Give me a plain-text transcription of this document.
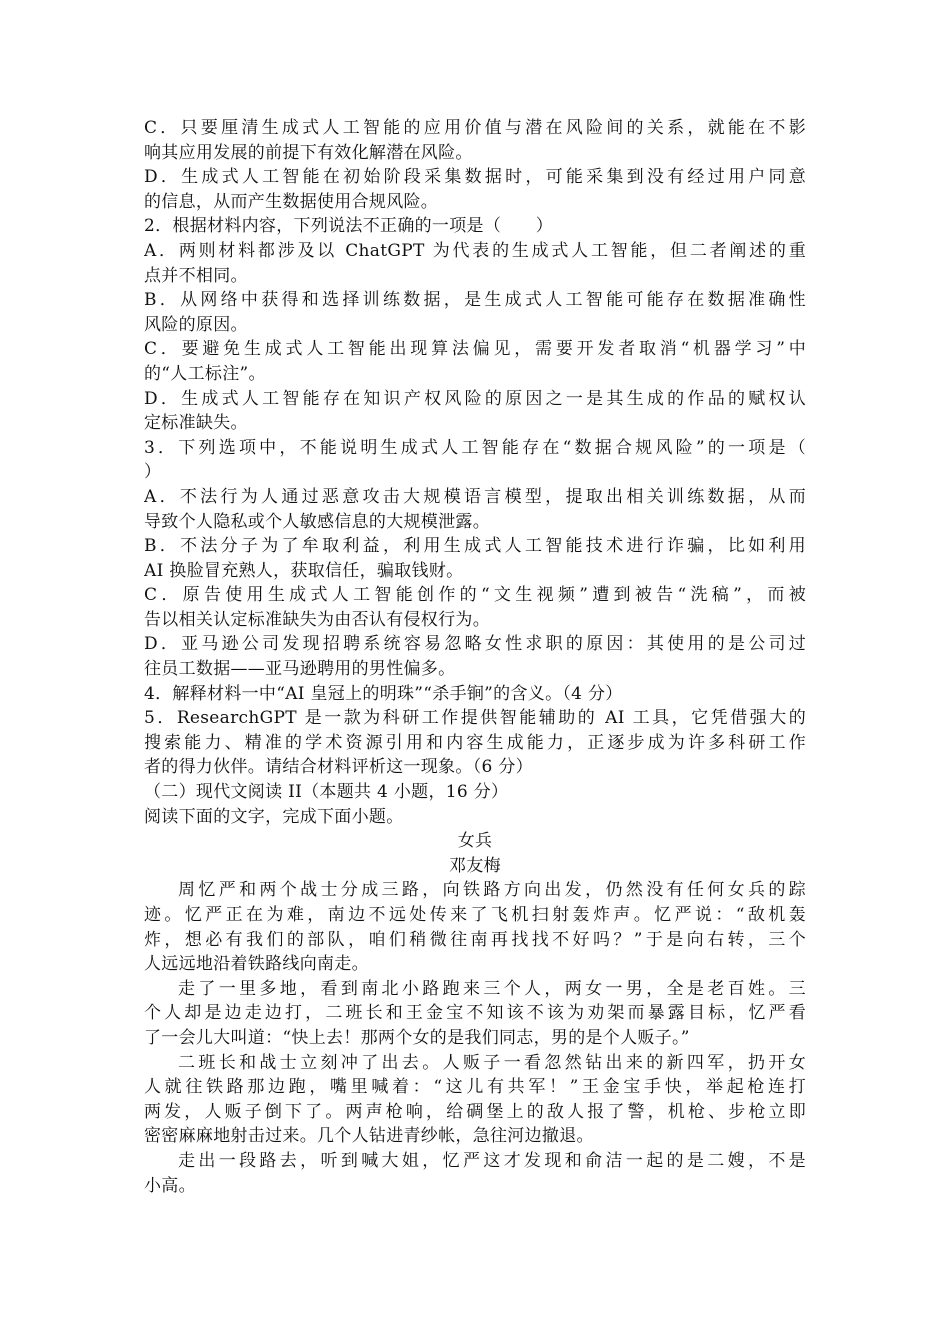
C．只要厘清生成式人工智能的应用价值与潜在风险间的关系，就能在不影
响其应用发展的前提下有效化解潜在风险。
D．生成式人工智能在初始阶段采集数据时，可能采集到没有经过用户同意
的信息，从而产生数据使用合规风险。
2．根据材料内容，下列说法不正确的一项是（　　）
A．两则材料都涉及以 ChatGPT 为代表的生成式人工智能，但二者阐述的重
点并不相同。
B．从网络中获得和选择训练数据，是生成式人工智能可能存在数据准确性
风险的原因。
C．要避免生成式人工智能出现算法偏见，需要开发者取消“机器学习”中
的“人工标注”。
D．生成式人工智能存在知识产权风险的原因之一是其生成的作品的赋权认
定标准缺失。
3．下列选项中，不能说明生成式人工智能存在“数据合规风险”的一项是（
）
A．不法行为人通过恶意攻击大规模语言模型，提取出相关训练数据，从而
导致个人隐私或个人敏感信息的大规模泄露。
B．不法分子为了牟取利益，利用生成式人工智能技术进行诈骗，比如利用
AI 换脸冒充熟人，获取信任，骗取钱财。
C．原告使用生成式人工智能创作的“文生视频”遭到被告“洗稿”，而被
告以相关认定标准缺失为由否认有侵权行为。
D．亚马逊公司发现招聘系统容易忽略女性求职的原因：其使用的是公司过
往员工数据——亚马逊聘用的男性偏多。
4．解释材料一中“AI 皇冠上的明珠”“杀手锏”的含义。（4 分）
5．ResearchGPT 是一款为科研工作提供智能辅助的 AI 工具，它凭借强大的
搜索能力、精准的学术资源引用和内容生成能力，正逐步成为许多科研工作
者的得力伙伴。请结合材料评析这一现象。（6 分）
（二）现代文阅读 II（本题共 4 小题，16 分）
阅读下面的文字，完成下面小题。
女兵
邓友梅
周忆严和两个战士分成三路，向铁路方向出发，仍然没有任何女兵的踪
迹。忆严正在为难，南边不远处传来了飞机扫射轰炸声。忆严说：“敌机轰
炸，想必有我们的部队，咱们稍微往南再找找不好吗？”于是向右转，三个
人远远地沿着铁路线向南走。
走了一里多地，看到南北小路跑来三个人，两女一男，全是老百姓。三
个人却是边走边打，二班长和王金宝不知该不该为劝架而暴露目标，忆严看
了一会儿大叫道：“快上去！那两个女的是我们同志，男的是个人贩子。”
二班长和战士立刻冲了出去。人贩子一看忽然钻出来的新四军，扔开女
人就往铁路那边跑，嘴里喊着：“这儿有共军！”王金宝手快，举起枪连打
两发，人贩子倒下了。两声枪响，给碉堡上的敌人报了警，机枪、步枪立即
密密麻麻地射击过来。几个人钻进青纱帐，急往河边撤退。
走出一段路去，听到喊大姐，忆严这才发现和俞洁一起的是二嫂，不是
小高。
